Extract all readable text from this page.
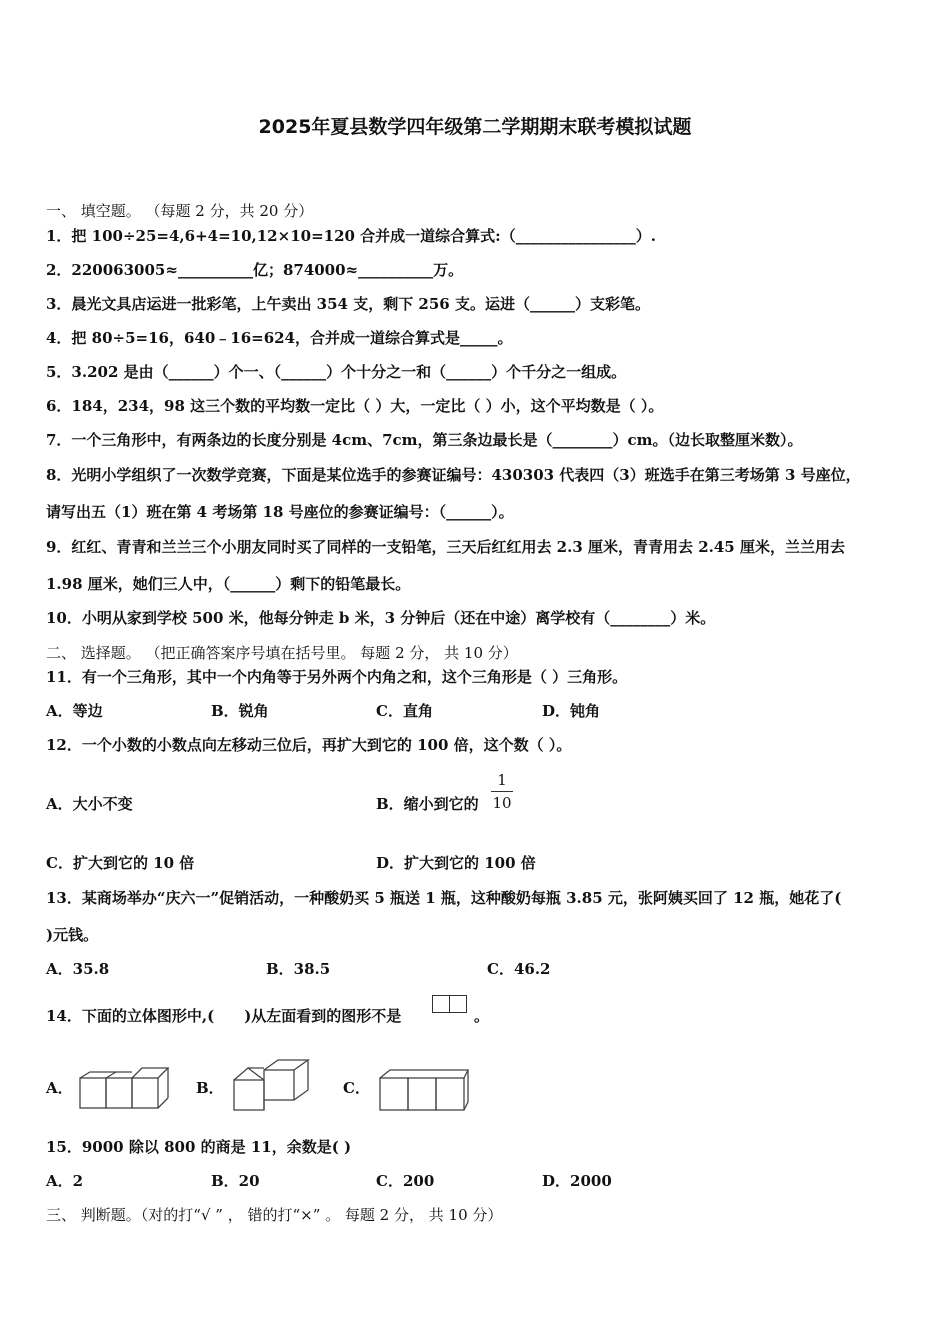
2025年夏县数学四年级第二学期期末联考模拟试题
一、 填空题。 （每题 2 分，共 20 分）
1．把 100÷25=4,6+4=10,12×10=120 合并成一道综合算式:（________________）.
2．220063005≈__________亿；874000≈__________万。
3．晨光文具店运进一批彩笔，上午卖出 354 支，剩下 256 支。运进（______）支彩笔。
4．把 80÷5=16，640﹣16=624，合并成一道综合算式是_____。
5．3.202 是由（______）个一、（______）个十分之一和（______）个千分之一组成。
6．184，234，98 这三个数的平均数一定比（ ）大，一定比（ ）小，这个平均数是（ ）。
7．一个三角形中，有两条边的长度分别是 4cm、7cm，第三条边最长是（________）cm。（边长取整厘米数）。
8．光明小学组织了一次数学竞赛，下面是某位选手的参赛证编号：430303 代表四（3）班选手在第三考场第 3 号座位，
请写出五（1）班在第 4 考场第 18 号座位的参赛证编号：（______）。
9．红红、青青和兰兰三个小朋友同时买了同样的一支铅笔，三天后红红用去 2.3 厘米，青青用去 2.45 厘米，兰兰用去
1.98 厘米，她们三人中，（______）剩下的铅笔最长。
10．小明从家到学校 500 米，他每分钟走 b 米，3 分钟后（还在中途）离学校有（________）米。
二、 选择题。 （把正确答案序号填在括号里。 每题 2 分， 共 10 分）
11．有一个三角形，其中一个内角等于另外两个内角之和，这个三角形是（ ）三角形。
A．等边	B．锐角	C．直角	D．钝角
12．一个小数的小数点向左移动三位后，再扩大到它的 100 倍，这个数（ ）。
A．大小不变	B．缩小到它的
1
10
C．扩大到它的 10 倍	D．扩大到它的 100 倍
13．某商场举办“庆六一”促销活动，一种酸奶买 5 瓶送 1 瓶，这种酸奶每瓶 3.85 元，张阿姨买回了 12 瓶，她花了(
)元钱。
A．35.8	B．38.5	C．46.2
14．下面的立体图形中,(　　)从左面看到的图形不是	。
A．	B．	C．
15．9000 除以 800 的商是 11，余数是( )
A．2	B．20	C．200	D．2000
三、 判断题。（对的打“√ ” ， 错的打“×” 。 每题 2 分， 共 10 分）
